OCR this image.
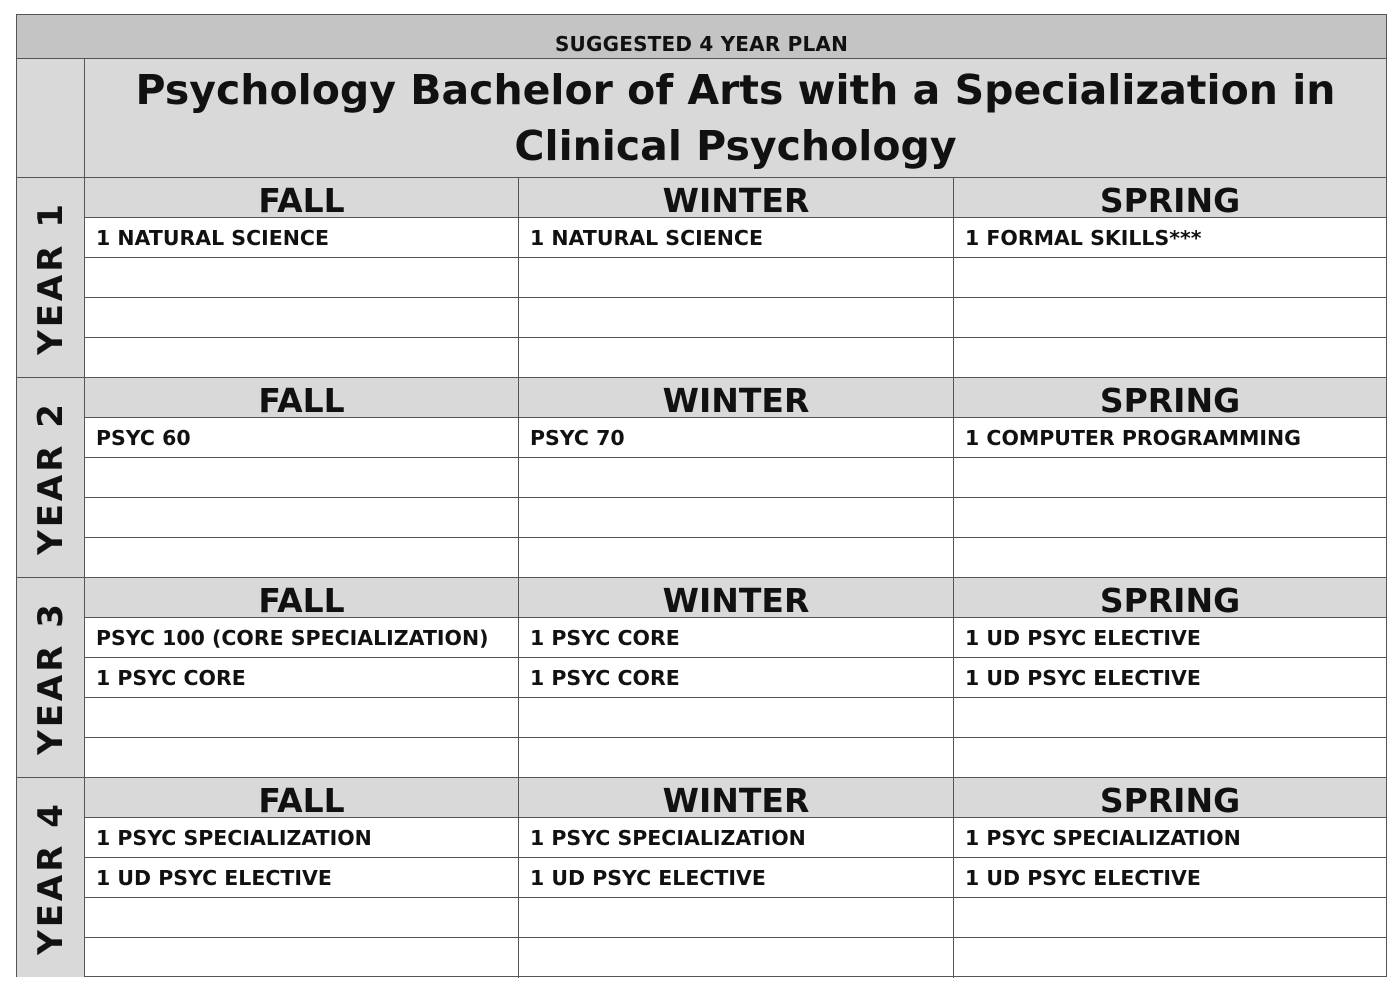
SUGGESTED 4 YEAR PLAN
Psychology Bachelor of Arts with a Specialization in Clinical Psychology
YEAR 1
FALL
1 NATURAL SCIENCE
WINTER
1 NATURAL SCIENCE
SPRING
1 FORMAL SKILLS***
YEAR 2
FALL
PSYC 60
WINTER
PSYC 70
SPRING
1 COMPUTER PROGRAMMING
YEAR 3
FALL
PSYC 100 (CORE SPECIALIZATION)
1 PSYC CORE
WINTER
1 PSYC CORE
1 PSYC CORE
SPRING
1 UD PSYC ELECTIVE
1 UD PSYC ELECTIVE
YEAR 4
FALL
1 PSYC SPECIALIZATION
1 UD PSYC ELECTIVE
WINTER
1 PSYC SPECIALIZATION
1 UD PSYC ELECTIVE
SPRING
1 PSYC SPECIALIZATION
1 UD PSYC ELECTIVE
